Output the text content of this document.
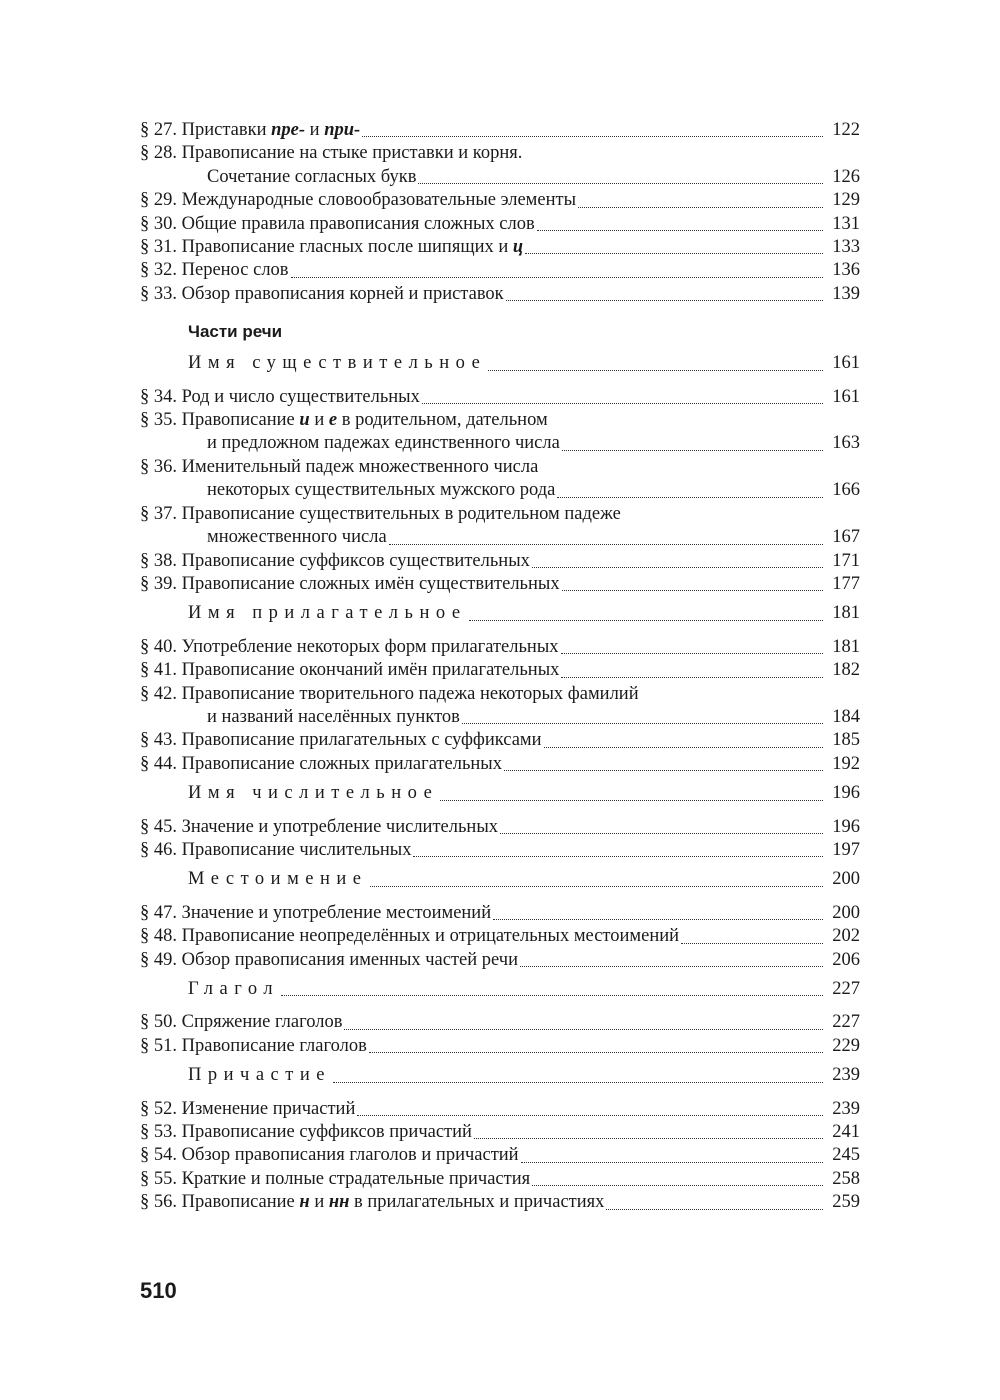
§ 27. Приставки пре- и при-	122
§ 28. Правописание на стыке приставки и корня.
Сочетание согласных букв	126
§ 29. Международные словообразовательные элементы	129
§ 30. Общие правила правописания сложных слов	131
§ 31. Правописание гласных после шипящих и ц	133
§ 32. Перенос слов	136
§ 33. Обзор правописания корней и приставок	139
Части речи
Имя существительное	161
§ 34. Род и число существительных	161
§ 35. Правописание и и е в родительном, дательном
и предложном падежах единственного числа	163
§ 36. Именительный падеж множественного числа
некоторых существительных мужского рода	166
§ 37. Правописание существительных в родительном падеже
множественного числа	167
§ 38. Правописание суффиксов существительных	171
§ 39. Правописание сложных имён существительных	177
Имя прилагательное	181
§ 40. Употребление некоторых форм прилагательных	181
§ 41. Правописание окончаний имён прилагательных	182
§ 42. Правописание творительного падежа некоторых фамилий
и названий населённых пунктов	184
§ 43. Правописание прилагательных с суффиксами	185
§ 44. Правописание сложных прилагательных	192
Имя числительное	196
§ 45. Значение и употребление числительных	196
§ 46. Правописание числительных	197
Местоимение	200
§ 47. Значение и употребление местоимений	200
§ 48. Правописание неопределённых и отрицательных местоимений	202
§ 49. Обзор правописания именных частей речи	206
Глагол	227
§ 50. Спряжение глаголов	227
§ 51. Правописание глаголов	229
Причастие	239
§ 52. Изменение причастий	239
§ 53. Правописание суффиксов причастий	241
§ 54. Обзор правописания глаголов и причастий	245
§ 55. Краткие и полные страдательные причастия	258
§ 56. Правописание н и нн в прилагательных и причастиях	259
510
